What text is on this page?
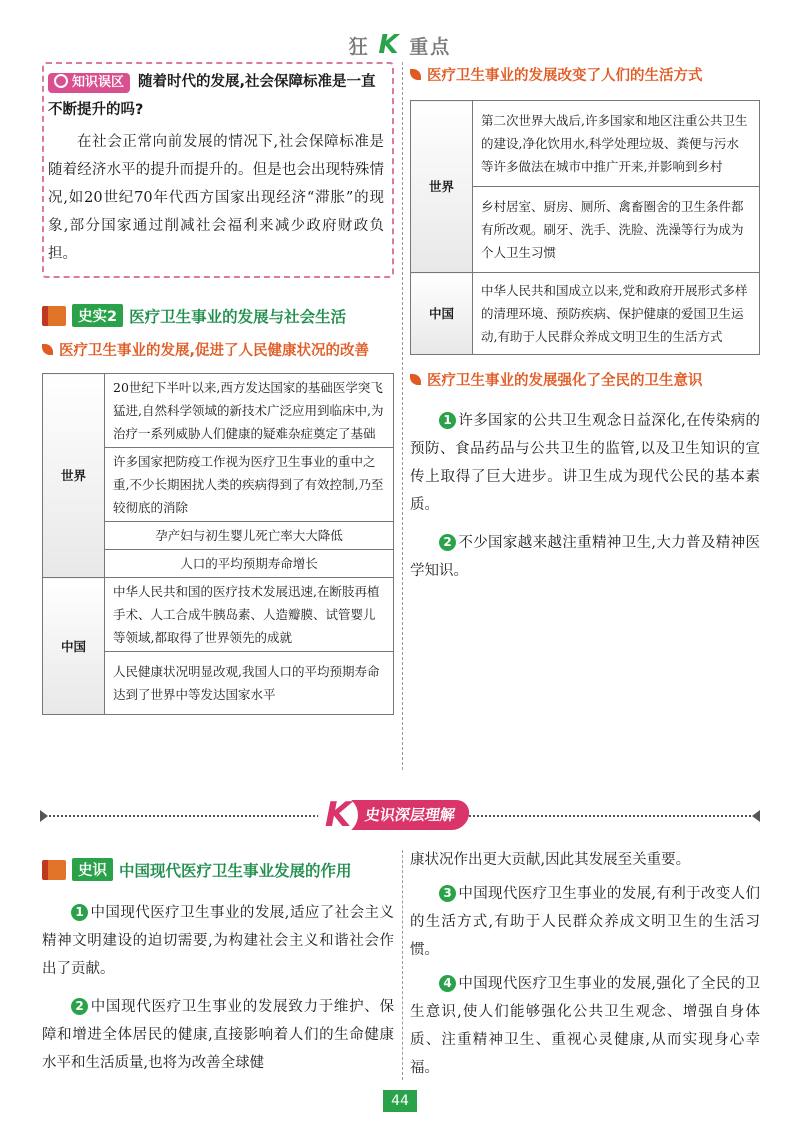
狂 K 重点
知识误区 随着时代的发展,社会保障标准是一直不断提升的吗?

在社会正常向前发展的情况下,社会保障标准是随着经济水平的提升而提升的。但是也会出现特殊情况,如20世纪70年代西方国家出现经济“滞胀”的现象,部分国家通过削减社会福利来减少政府财政负担。

史实2 医疗卫生事业的发展与社会生活
医疗卫生事业的发展,促进了人民健康状况的改善
世界	20世纪下半叶以来,西方发达国家的基础医学突飞猛进,自然科学领域的新技术广泛应用到临床中,为治疗一系列威胁人们健康的疑难杂症奠定了基础
	许多国家把防疫工作视为医疗卫生事业的重中之重,不少长期困扰人类的疾病得到了有效控制,乃至较彻底的消除
	孕产妇与初生婴儿死亡率大大降低
	人口的平均预期寿命增长
中国	中华人民共和国的医疗技术发展迅速,在断肢再植手术、人工合成牛胰岛素、人造瓣膜、试管婴儿等领域,都取得了世界领先的成就
	人民健康状况明显改观,我国人口的平均预期寿命达到了世界中等发达国家水平
医疗卫生事业的发展改变了人们的生活方式
世界	第二次世界大战后,许多国家和地区注重公共卫生的建设,净化饮用水,科学处理垃圾、粪便与污水等许多做法在城市中推广开来,并影响到乡村
	乡村居室、厨房、厕所、禽畜圈舍的卫生条件都有所改观。刷牙、洗手、洗脸、洗澡等行为成为个人卫生习惯
中国	中华人民共和国成立以来,党和政府开展形式多样的清理环境、预防疾病、保护健康的爱国卫生运动,有助于人民群众养成文明卫生的生活方式
医疗卫生事业的发展强化了全民的卫生意识

1 许多国家的公共卫生观念日益深化,在传染病的预防、食品药品与公共卫生的监管,以及卫生知识的宣传上取得了巨大进步。讲卫生成为现代公民的基本素质。

2 不少国家越来越注重精神卫生,大力普及精神医学知识。

史识深层理解
K
史识 中国现代医疗卫生事业发展的作用

1 中国现代医疗卫生事业的发展,适应了社会主义精神文明建设的迫切需要,为构建社会主义和谐社会作出了贡献。

2 中国现代医疗卫生事业的发展致力于维护、保障和增进全体居民的健康,直接影响着人们的生命健康水平和生活质量,也将为改善全球健

康状况作出更大贡献,因此其发展至关重要。

3 中国现代医疗卫生事业的发展,有利于改变人们的生活方式,有助于人民群众养成文明卫生的生活习惯。

4 中国现代医疗卫生事业的发展,强化了全民的卫生意识,使人们能够强化公共卫生观念、增强自身体质、注重精神卫生、重视心灵健康,从而实现身心幸福。

44
